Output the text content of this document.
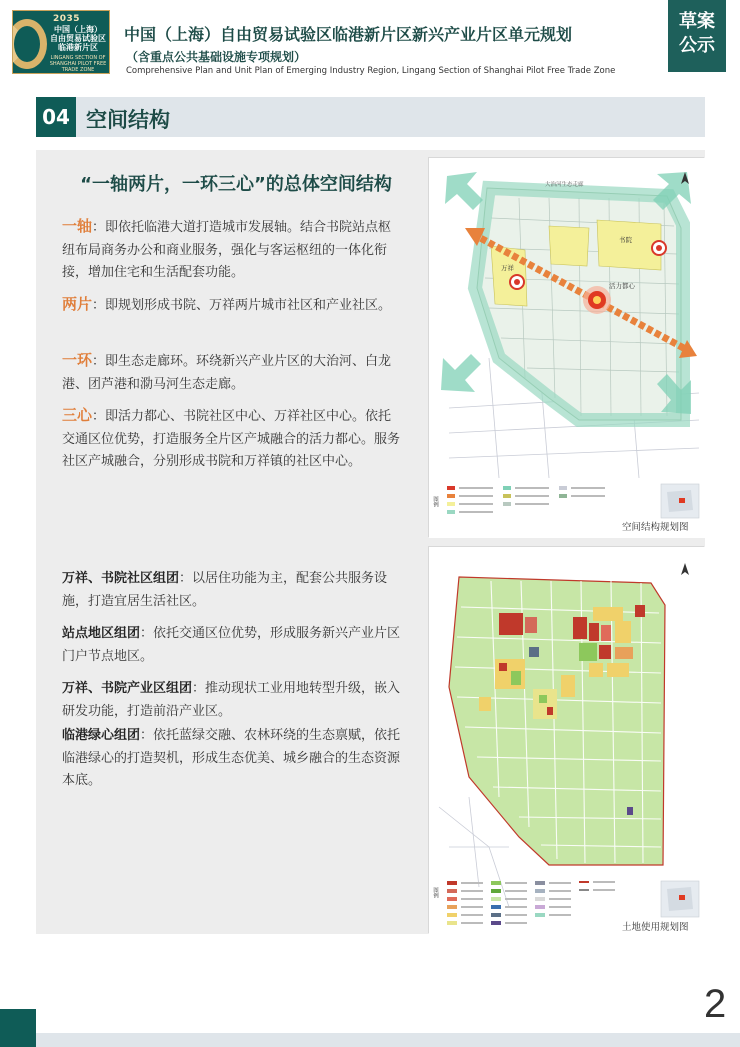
2035
中国（上海）
自由贸易试验区
临港新片区
LINGANG SECTION OF SHANGHAI PILOT FREE TRADE ZONE
中国（上海）自由贸易试验区临港新片区新兴产业片区单元规划
（含重点公共基础设施专项规划）
Comprehensive Plan and Unit Plan of Emerging Industry Region, Lingang Section of Shanghai Pilot Free Trade Zone
草案
公示
04 空间结构
“一轴两片，一环三心”的总体空间结构
一轴：即依托临港大道打造城市发展轴。结合书院站点枢纽布局商务办公和商业服务，强化与客运枢纽的一体化衔接，增加住宅和生活配套功能。
两片：即规划形成书院、万祥两片城市社区和产业社区。
一环：即生态走廊环。环绕新兴产业片区的大治河、白龙港、团芦港和泐马河生态走廊。
三心：即活力都心、书院社区中心、万祥社区中心。依托交通区位优势，打造服务全片区产城融合的活力都心。服务社区产城融合，分别形成书院和万祥镇的社区中心。
万祥、书院社区组团：以居住功能为主，配套公共服务设施，打造宜居生活社区。
站点地区组团：依托交通区位优势，形成服务新兴产业片区门户节点地区。
万祥、书院产业区组团：推动现状工业用地转型升级，嵌入研发功能，打造前沿产业区。
临港绿心组团：依托蓝绿交融、农林环绕的生态禀赋，依托临港绿心的打造契机，形成生态优美、城乡融合的生态资源本底。
大治河生态走廊
万祥
书院
活力都心
图例
空间结构规划图
图例
土地使用规划图
2
